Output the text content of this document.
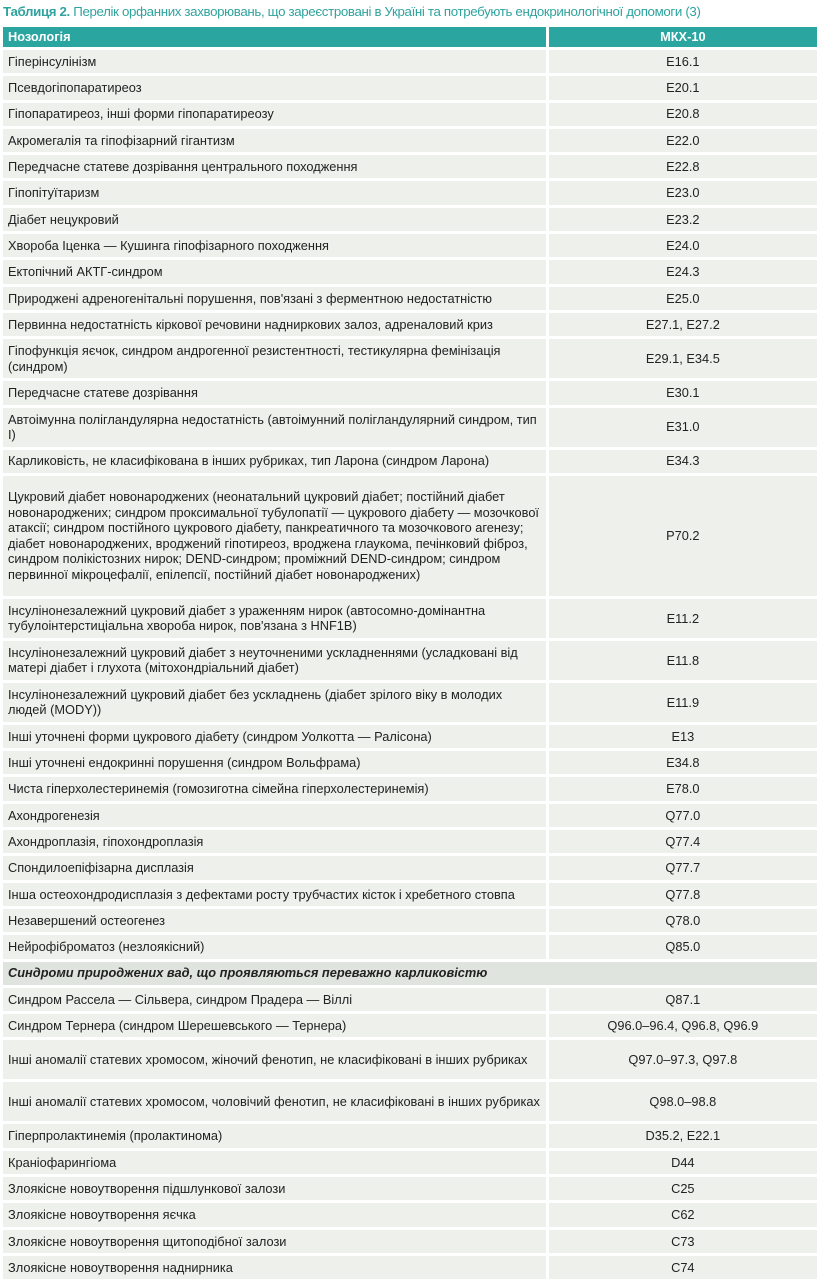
Таблиця 2. Перелік орфанних захворювань, що зареєстровані в Україні та потребують ендокринологічної допомоги (3)
Нозологія	МКХ-10
Гіперінсулінізм	E16.1
Псевдогіпопаратиреоз	E20.1
Гіпопаратиреоз, інші форми гіпопаратиреозу	E20.8
Акромегалія та гіпофізарний гігантизм	E22.0
Передчасне статеве дозрівання центрального походження	E22.8
Гіпопітуїтаризм	E23.0
Діабет нецукровий	E23.2
Хвороба Іценка — Кушинга гіпофізарного походження	E24.0
Ектопічний АКТГ-синдром	E24.3
Природжені адреногенітальні порушення, пов'язані з ферментною недостатністю	E25.0
Первинна недостатність кіркової речовини надниркових залоз, адреналовий криз	E27.1, E27.2
Гіпофункція яєчок, синдром андрогенної резистентності, тестикулярна фемінізація (синдром)	E29.1, E34.5
Передчасне статеве дозрівання	E30.1
Автоімунна полігландулярна недостатність (автоімунний полігландулярний синдром, тип І)	E31.0
Карликовість, не класифікована в інших рубриках, тип Ларона (синдром Ларона)	E34.3
Цукровий діабет новонароджених (неонатальний цукровий діабет; постійний діабет новонароджених; синдром проксимальної тубулопатії — цукрового діабету — мозочкової атаксії; синдром постійного цукрового діабету, панкреатичного та мозочкового агенезу; діабет новонароджених, вроджений гіпотиреоз, вроджена глаукома, печінковий фіброз, синдром полікістозних нирок; DEND-синдром; проміжний DEND-синдром; синдром первинної мікроцефалії, епілепсії, постійний діабет новонароджених)	P70.2
Інсулінонезалежний цукровий діабет з ураженням нирок (автосомно-домінантна тубулоінтерстиціальна хвороба нирок, пов'язана з HNF1B)	E11.2
Інсулінонезалежний цукровий діабет з неуточненими ускладненнями (усладковані від матері діабет і глухота (мітохондріальний діабет)	E11.8
Інсулінонезалежний цукровий діабет без ускладнень (діабет зрілого віку в молодих людей (MODY))	E11.9
Інші уточнені форми цукрового діабету (синдром Уолкотта — Ралісона)	E13
Інші уточнені ендокринні порушення (синдром Вольфрама)	E34.8
Чиста гіперхолестеринемія (гомозиготна сімейна гіперхолестеринемія)	E78.0
Ахондрогенезія	Q77.0
Ахондроплазія, гіпохондроплазія	Q77.4
Спондилоепіфізарна дисплазія	Q77.7
Інша остеохондродисплазія з дефектами росту трубчастих кісток і хребетного стовпа	Q77.8
Незавершений остеогенез	Q78.0
Нейрофіброматоз (незлоякісний)	Q85.0
Синдроми природжених вад, що проявляються переважно карликовістю	
Синдром Рассела — Сільвера, синдром Прадера — Віллі	Q87.1
Синдром Тернера (синдром Шерешевського — Тернера)	Q96.0–96.4, Q96.8, Q96.9
Інші аномалії статевих хромосом, жіночий фенотип, не класифіковані в інших рубриках	Q97.0–97.3, Q97.8
Інші аномалії статевих хромосом, чоловічий фенотип, не класифіковані в інших рубриках	Q98.0–98.8
Гіперпролактинемія (пролактинома)	D35.2, E22.1
Краніофарингіома	D44
Злоякісне новоутворення підшлункової залози	C25
Злоякісне новоутворення яєчка	C62
Злоякісне новоутворення щитоподібної залози	C73
Злоякісне новоутворення наднирника	C74
